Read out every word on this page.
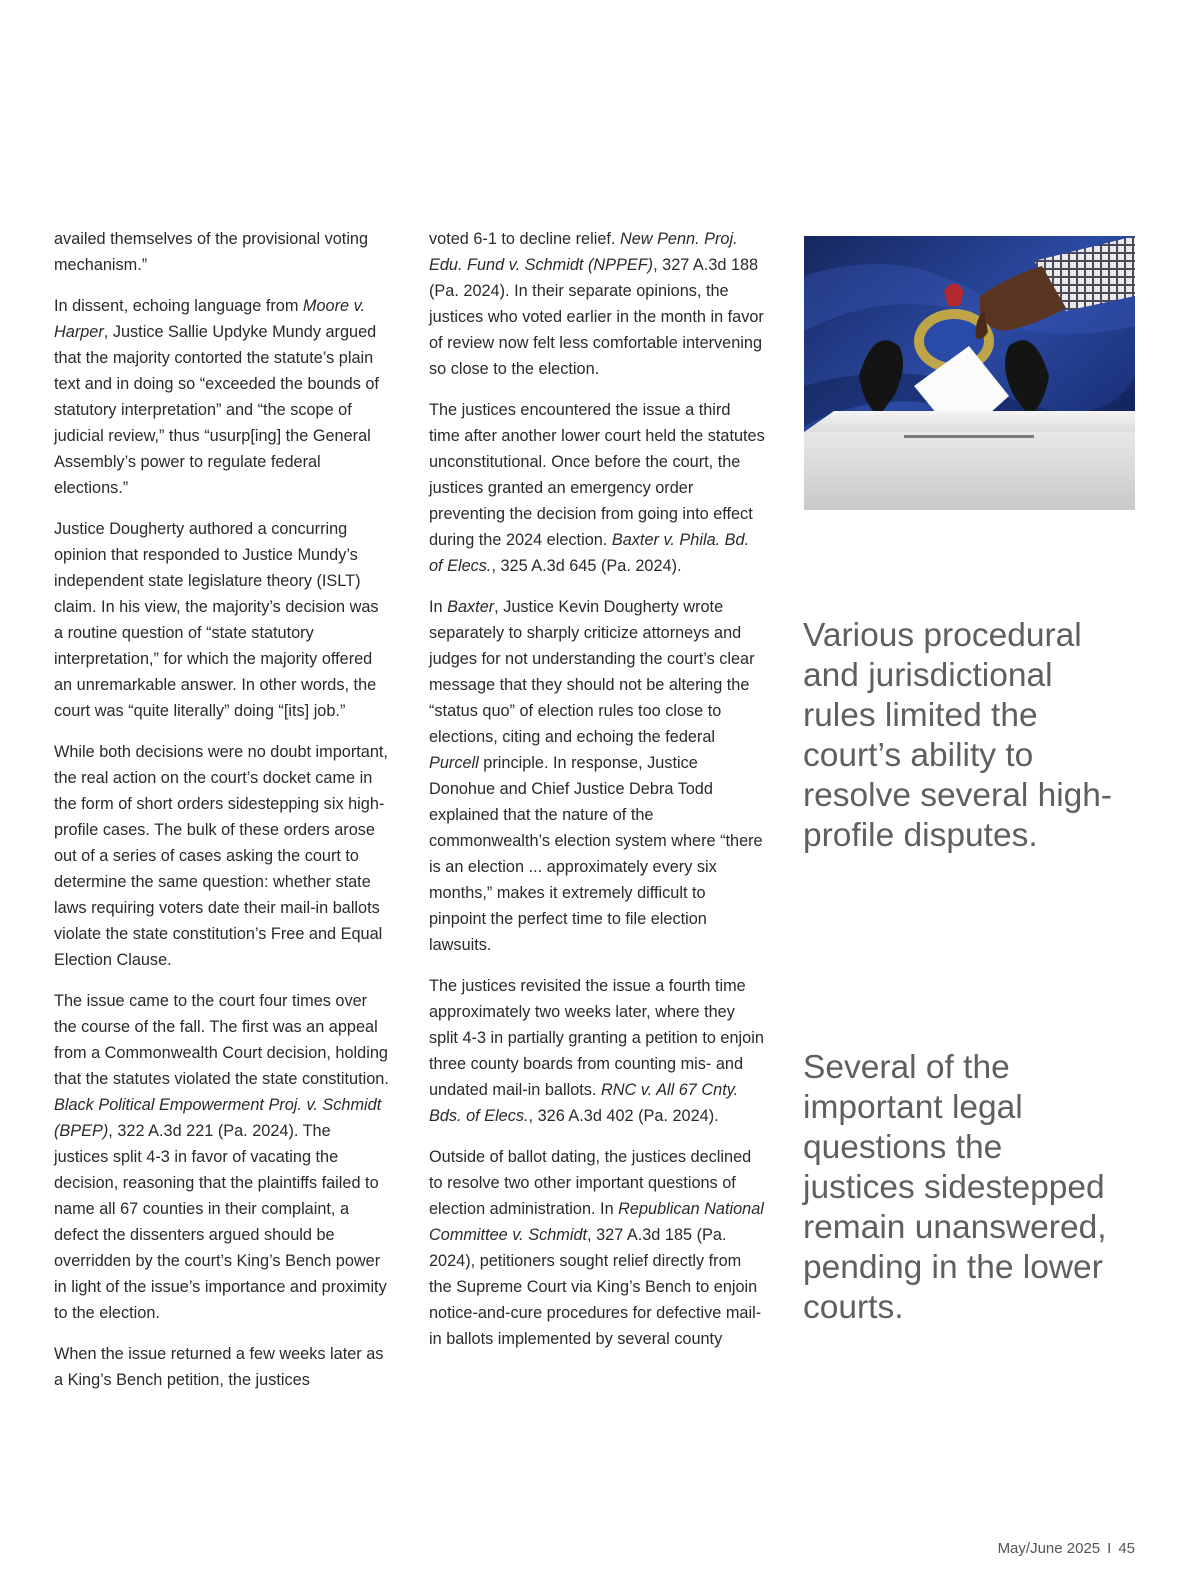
availed themselves of the provisional voting mechanism.”

In dissent, echoing language from Moore v. Harper, Justice Sallie Updyke Mundy argued that the majority contorted the statute’s plain text and in doing so “exceeded the bounds of statutory interpretation” and “the scope of judicial review,” thus “usurp[ing] the General Assembly’s power to regulate federal elections.”

Justice Dougherty authored a concurring opinion that responded to Justice Mundy’s independent state legislature theory (ISLT) claim. In his view, the majority’s decision was a routine question of “state statutory interpretation,” for which the majority offered an unremarkable answer. In other words, the court was “quite literally” doing “[its] job.”

While both decisions were no doubt important, the real action on the court’s docket came in the form of short orders sidestepping six high-profile cases. The bulk of these orders arose out of a series of cases asking the court to determine the same question: whether state laws requiring voters date their mail-in ballots violate the state constitution’s Free and Equal Election Clause.

The issue came to the court four times over the course of the fall. The first was an appeal from a Commonwealth Court decision, holding that the statutes violated the state constitution. Black Political Empowerment Proj. v. Schmidt (BPEP), 322 A.3d 221 (Pa. 2024). The justices split 4-3 in favor of vacating the decision, reasoning that the plaintiffs failed to name all 67 counties in their complaint, a defect the dissenters argued should be overridden by the court’s King’s Bench power in light of the issue’s importance and proximity to the election.

When the issue returned a few weeks later as a King’s Bench petition, the justices

voted 6-1 to decline relief. New Penn. Proj. Edu. Fund v. Schmidt (NPPEF), 327 A.3d 188 (Pa. 2024). In their separate opinions, the justices who voted earlier in the month in favor of review now felt less comfortable intervening so close to the election.

The justices encountered the issue a third time after another lower court held the statutes unconstitutional. Once before the court, the justices granted an emergency order preventing the decision from going into effect during the 2024 election. Baxter v. Phila. Bd. of Elecs., 325 A.3d 645 (Pa. 2024).

In Baxter, Justice Kevin Dougherty wrote separately to sharply criticize attorneys and judges for not understanding the court’s clear message that they should not be altering the “status quo” of election rules too close to elections, citing and echoing the federal Purcell principle. In response, Justice Donohue and Chief Justice Debra Todd explained that the nature of the commonwealth’s election system where “there is an election ... approximately every six months,” makes it extremely difficult to pinpoint the perfect time to file election lawsuits.

The justices revisited the issue a fourth time approximately two weeks later, where they split 4-3 in partially granting a petition to enjoin three county boards from counting mis- and undated mail-in ballots. RNC v. All 67 Cnty. Bds. of Elecs., 326 A.3d 402 (Pa. 2024).

Outside of ballot dating, the justices declined to resolve two other important questions of election administration. In Republican National Committee v. Schmidt, 327 A.3d 185 (Pa. 2024), petitioners sought relief directly from the Supreme Court via King’s Bench to enjoin notice-and-cure procedures for defective mail-in ballots implemented by several county

Various procedural and jurisdictional rules limited the court’s ability to resolve several high-profile disputes.
Several of the important legal questions the justices sidestepped remain unanswered, pending in the lower courts.
May/June 2025 I 45
